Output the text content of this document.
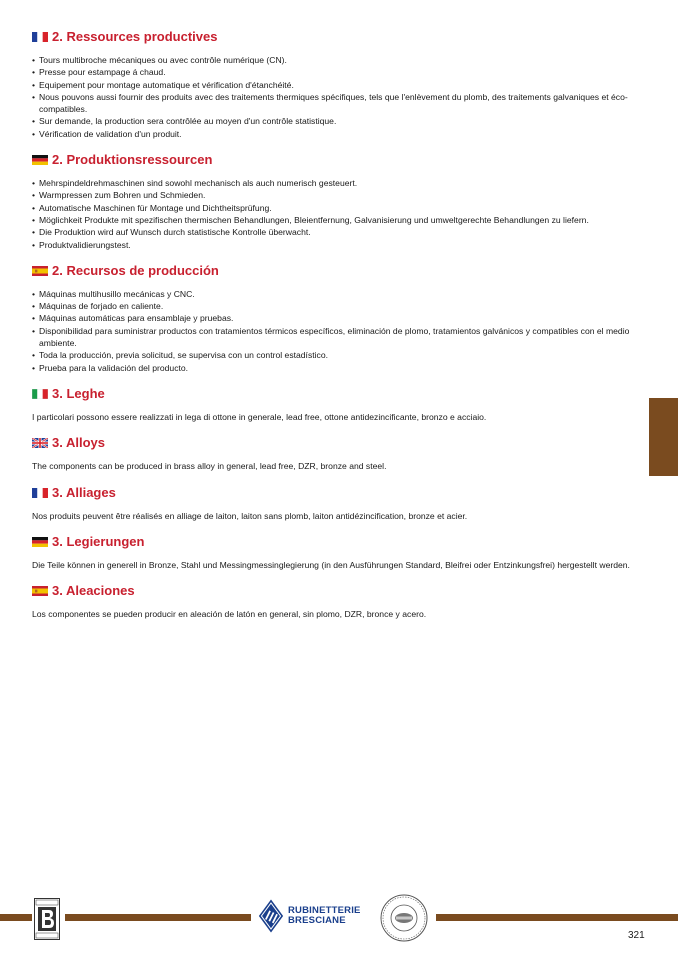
2. Ressources productives
• Tours multibroche mécaniques ou avec contrôle numérique (CN).
• Presse pour estampage á chaud.
• Equipement pour montage automatique et vérification d'étanchéité.
• Nous pouvons aussi fournir des produits avec des traitements thermiques spécifiques, tels que l'enlèvement du plomb, des traitements galvaniques et éco-compatibles.
• Sur demande, la production sera contrôlée au moyen d'un contrôle statistique.
• Vérification de validation d'un produit.
2. Produktionsressourcen
• Mehrspindeldrehmaschinen sind sowohl mechanisch als auch numerisch gesteuert.
• Warmpressen zum Bohren und Schmieden.
• Automatische Maschinen für Montage und Dichtheitsprüfung.
• Möglichkeit Produkte mit spezifischen thermischen Behandlungen, Bleientfernung, Galvanisierung und umweltgerechte Behandlungen zu liefern.
• Die Produktion wird auf Wunsch durch statistische Kontrolle überwacht.
• Produktvalidierungstest.
2. Recursos de producción
• Máquinas multihusillo mecánicas y CNC.
• Máquinas de forjado en caliente.
• Máquinas automáticas para ensamblaje y pruebas.
• Disponibilidad para suministrar productos con tratamientos térmicos específicos, eliminación de plomo, tratamientos galvánicos y compatibles con el medio ambiente.
• Toda la producción, previa solicitud, se supervisa con un control estadístico.
• Prueba para la validación del producto.
3. Leghe

I particolari possono essere realizzati in lega di ottone in generale, lead free, ottone antidezincificante, bronzo e acciaio.

3. Alloys

The components can be produced in brass alloy in general, lead free, DZR, bronze and steel.

3. Alliages

Nos produits peuvent être réalisés en alliage de laiton, laiton sans plomb, laiton antidézincification, bronze et acier.

3. Legierungen

Die Teile können in generell in Bronze, Stahl und Messingmessinglegierung (in den Ausführungen Standard, Bleifrei oder Entzinkungsfrei) hergestellt werden.

3. Aleaciones

Los componentes se pueden producir en aleación de latón en general, sin plomo, DZR, bronce y acero.

RUBINETTERIE
BRESCIANE
321
